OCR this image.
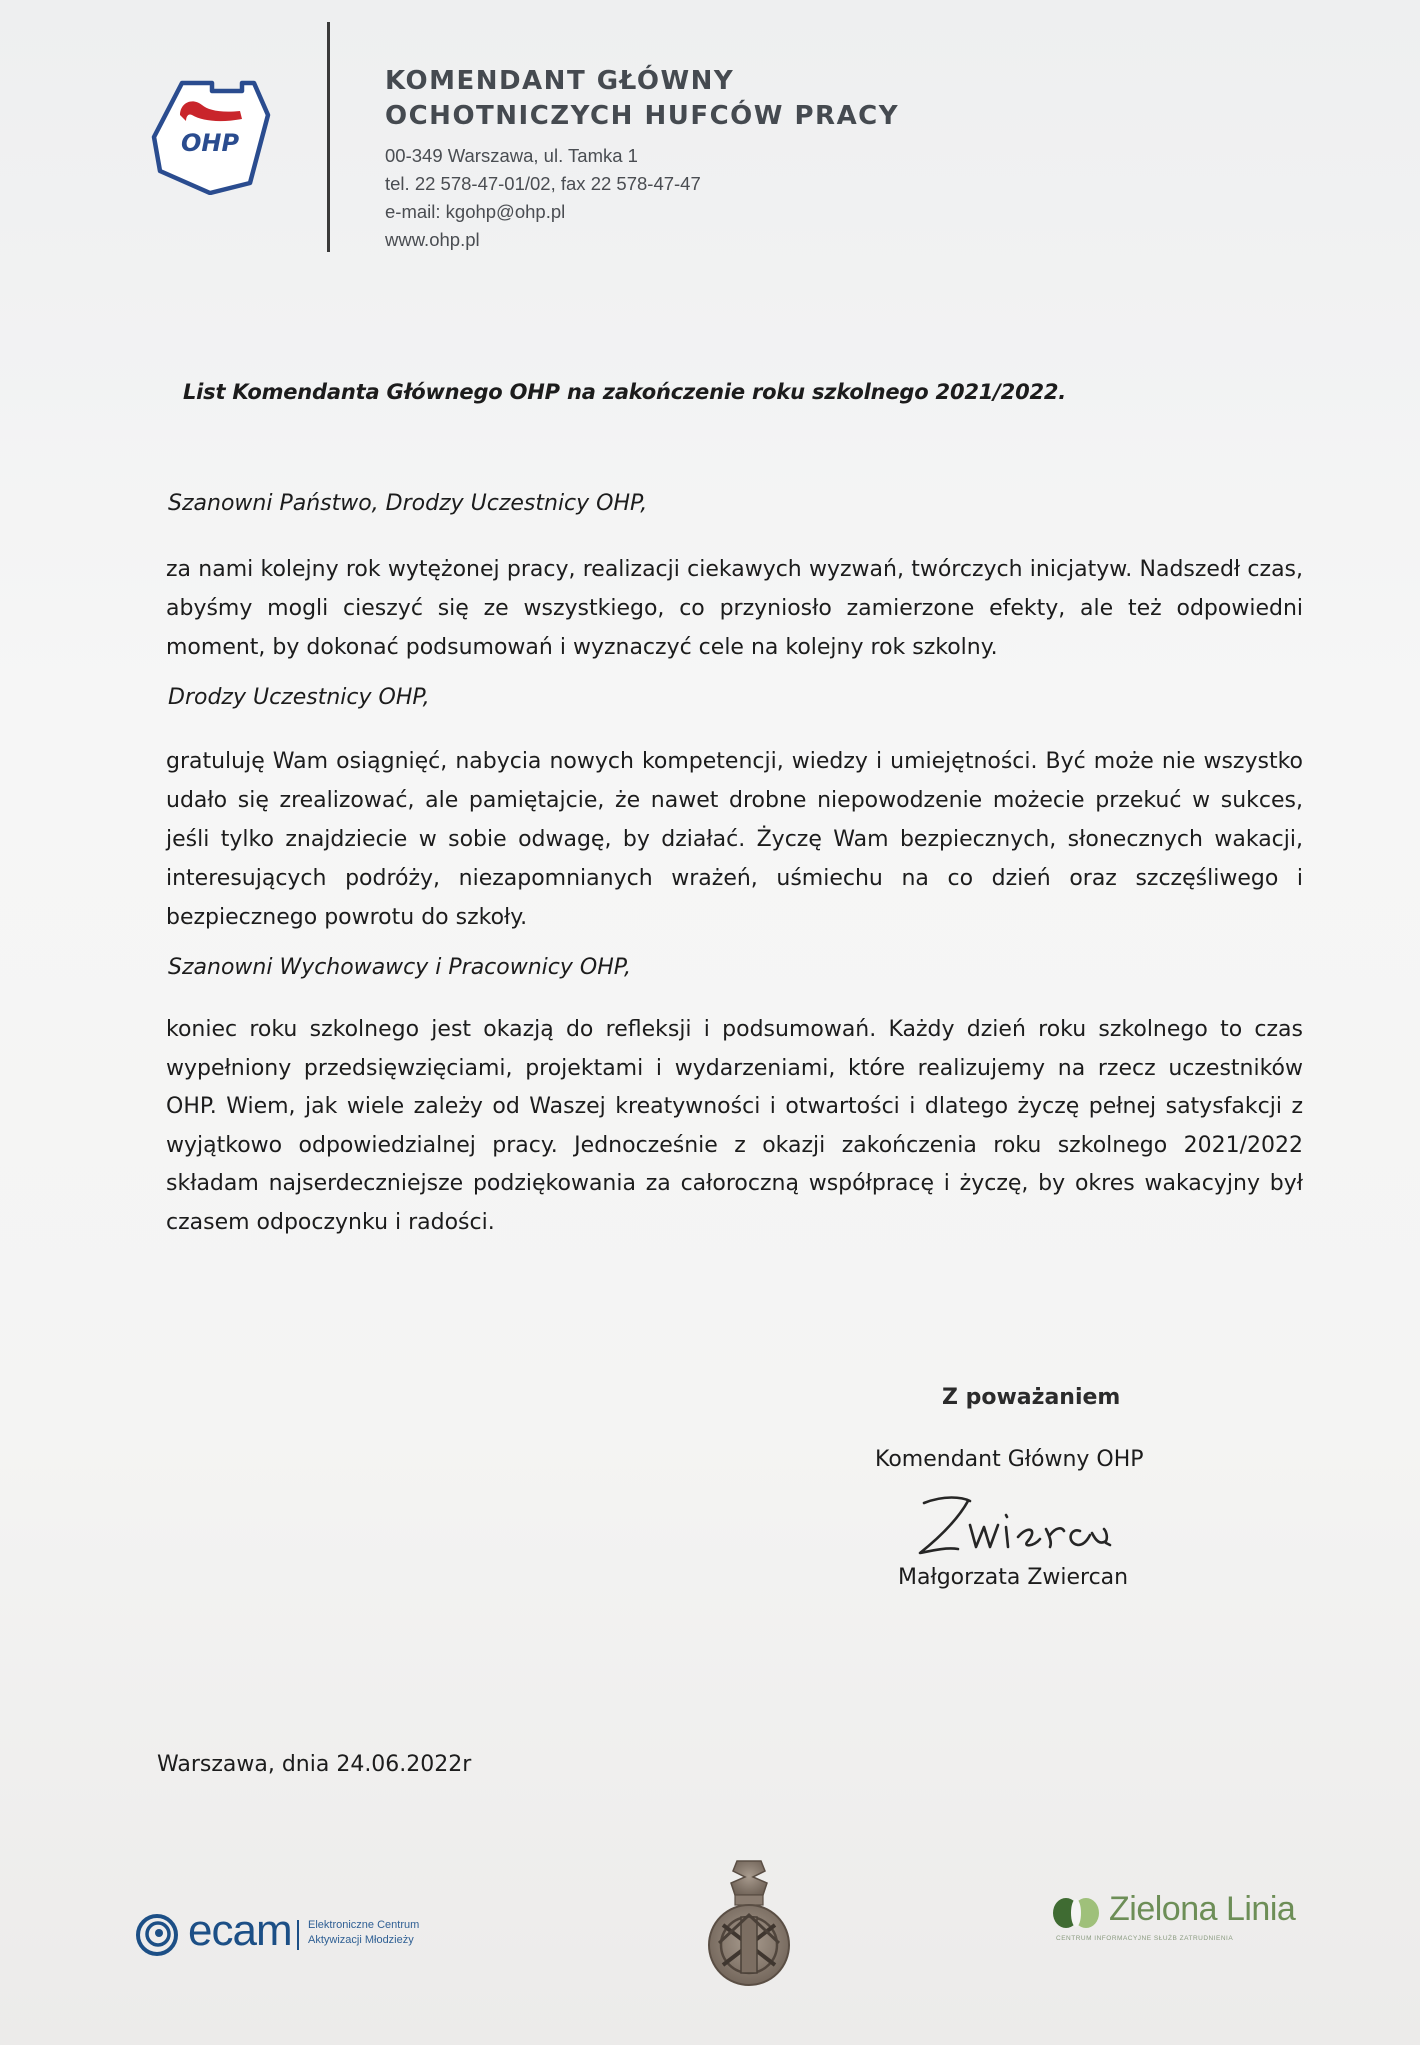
OHP
KOMENDANT GŁÓWNY
OCHOTNICZYCH HUFCÓW PRACY
00-349 Warszawa, ul. Tamka 1
tel. 22 578-47-01/02, fax 22 578-47-47
e-mail: kgohp@ohp.pl
www.ohp.pl
List Komendanta Głównego OHP na zakończenie roku szkolnego 2021/2022.
Szanowni Państwo, Drodzy Uczestnicy OHP,
za nami kolejny rok wytężonej pracy, realizacji ciekawych wyzwań, twórczych inicjatyw. Nadszedł czas, abyśmy mogli cieszyć się ze wszystkiego, co przyniosło zamierzone efekty, ale też odpowiedni moment, by dokonać podsumowań i wyznaczyć cele na kolejny rok szkolny.
Drodzy Uczestnicy OHP,
gratuluję Wam osiągnięć, nabycia nowych kompetencji, wiedzy i umiejętności. Być może nie wszystko udało się zrealizować, ale pamiętajcie, że nawet drobne niepowodzenie możecie przekuć w sukces, jeśli tylko znajdziecie w sobie odwagę, by działać. Życzę Wam bezpiecznych, słonecznych wakacji, interesujących podróży, niezapomnianych wrażeń, uśmiechu na co dzień oraz szczęśliwego i bezpiecznego powrotu do szkoły.
Szanowni Wychowawcy i Pracownicy OHP,
koniec roku szkolnego jest okazją do refleksji i podsumowań. Każdy dzień roku szkolnego to czas wypełniony przedsięwzięciami, projektami i wydarzeniami, które realizujemy na rzecz uczestników OHP. Wiem, jak wiele zależy od Waszej kreatywności i otwartości i dlatego życzę pełnej satysfakcji z wyjątkowo odpowiedzialnej pracy. Jednocześnie z okazji zakończenia roku szkolnego 2021/2022 składam najserdeczniejsze podziękowania za całoroczną współpracę i życzę, by okres wakacyjny był czasem odpoczynku i radości.
Z poważaniem
Komendant Główny OHP
Małgorzata Zwiercan
Warszawa, dnia 24.06.2022r
ecam Elektroniczne Centrum
Aktywizacji Młodzieży
Zielona Linia
CENTRUM INFORMACYJNE SŁUŻB ZATRUDNIENIA
